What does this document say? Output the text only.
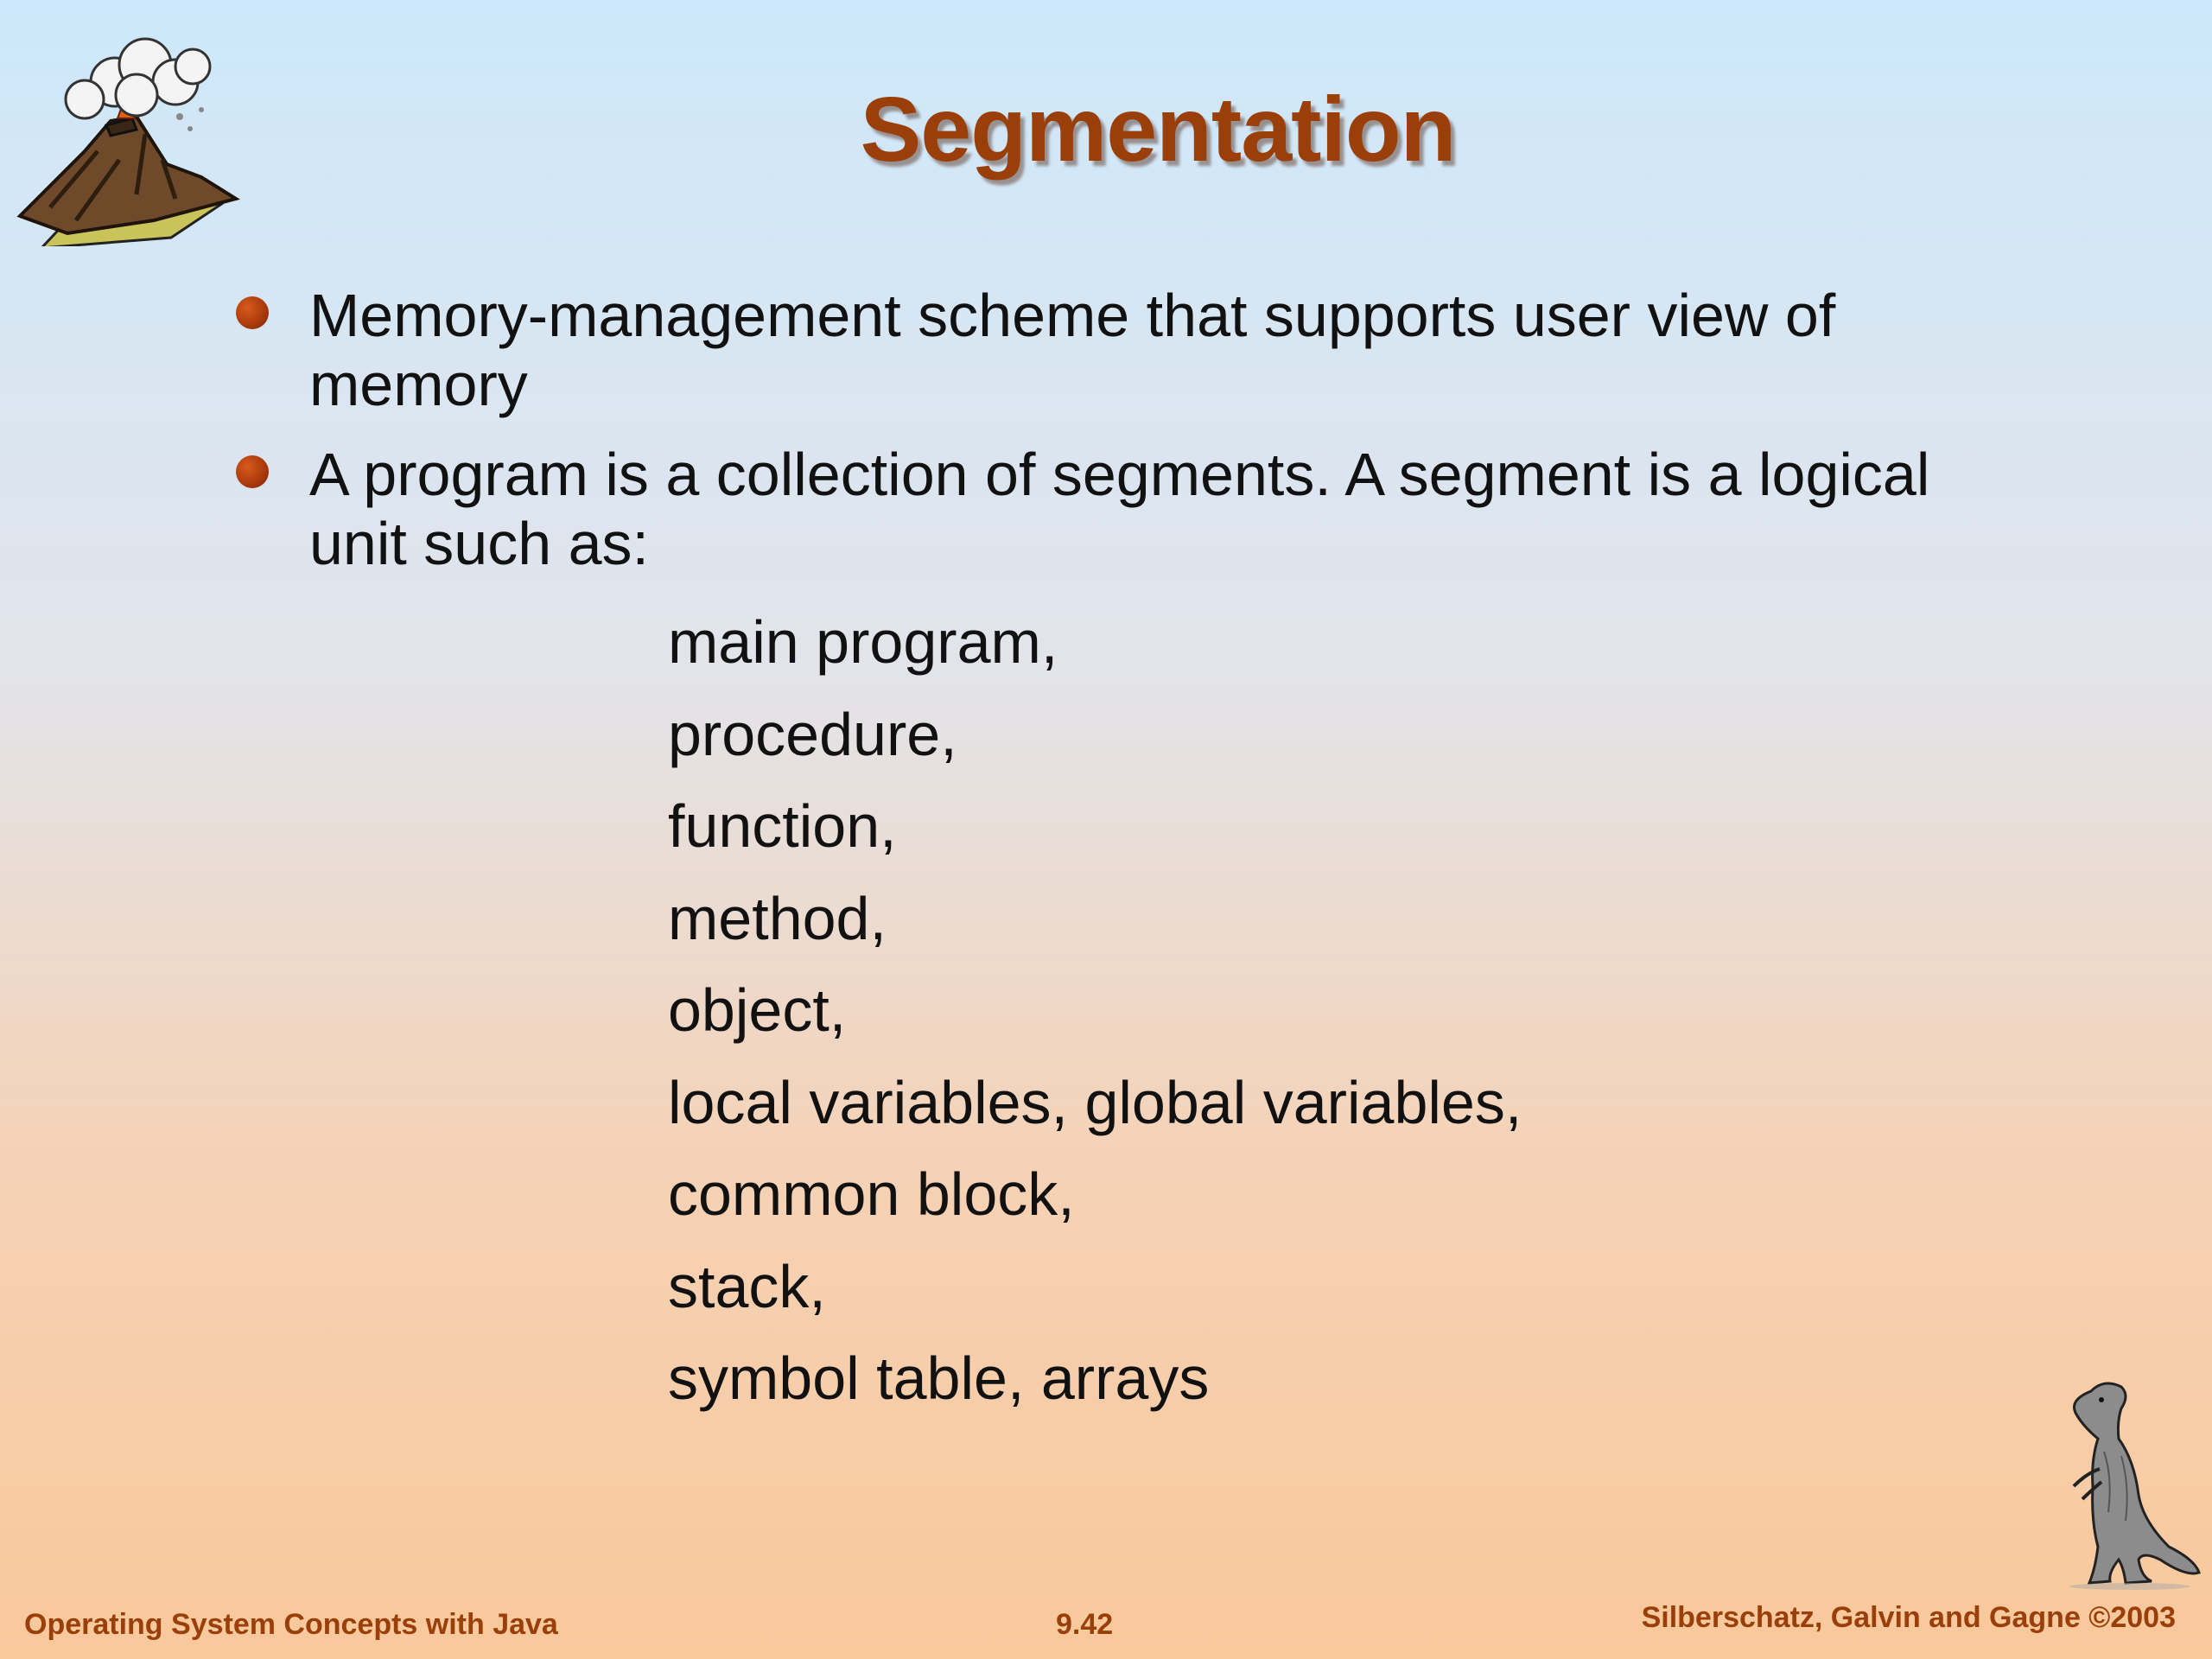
Segmentation
Memory-management scheme that supports user view of
memory
A program is a collection of segments. A segment is a logical
unit such as:
main program,
procedure,
function,
method,
object,
local variables, global variables,
common block,
stack,
symbol table, arrays
Operating System Concepts with Java	9.42	Silberschatz, Galvin and Gagne ©2003
